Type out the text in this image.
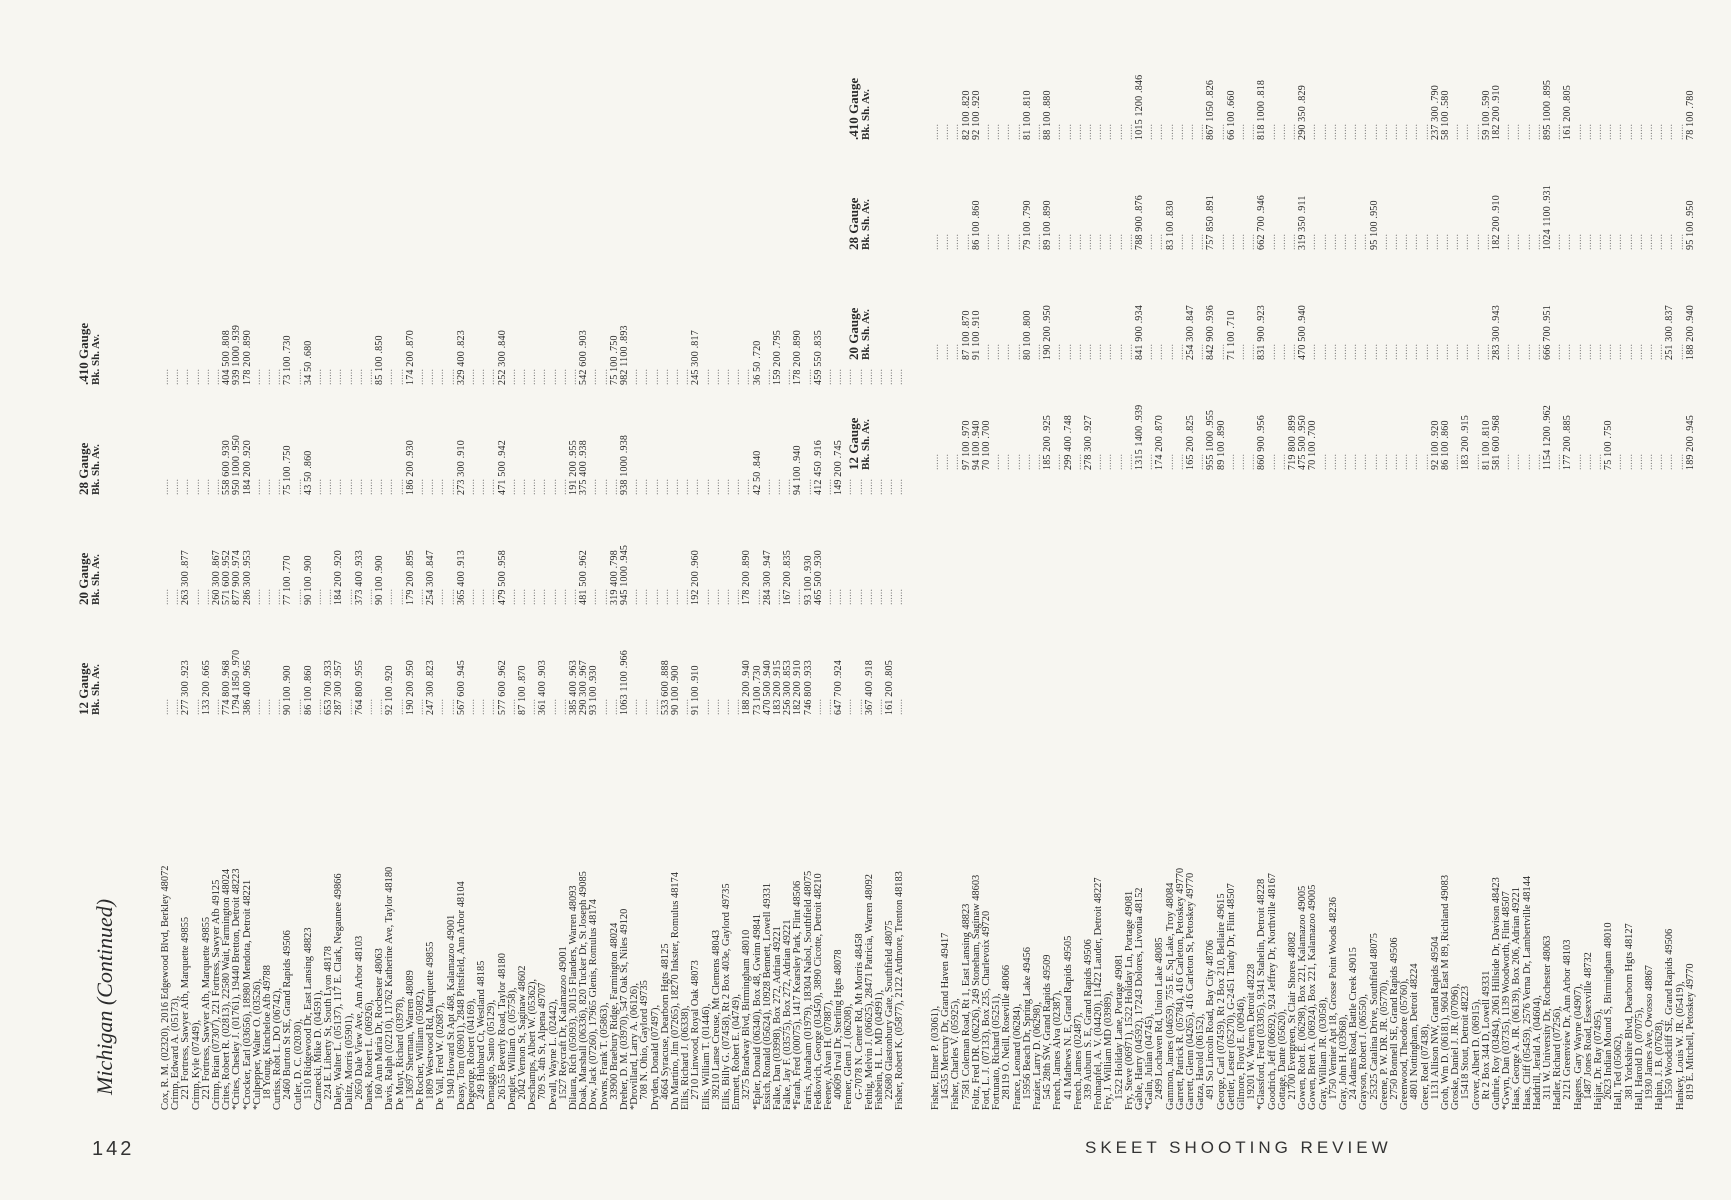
Michigan (Continued)
142	SKEET SHOOTING REVIEW
12 Gauge Bk. Sh. Av.
20 Gauge Bk. Sh. Av.
28 Gauge Bk. Sh. Av.
.410 Gauge Bk. Sh. Av.
Cox, R. M. (02320), 2016 Edgewood Blvd, Berkley 48072
......
......
......
......
Crimp, Edward A. (05173),
......
......
......
......
221 Fortress, Sawyer Afb, Marquette 49855
277 300 .923
263 300 .877
......
......
Crimp, Kyle (07449),
......
......
......
......
221 Fortress, Sawyer Afb, Marquette 49855
133 200 .665
......
......
......
Crimp, Brian (07307), 221 Fortress, Sawyer Afb 49125
......
260 300 .867
......
......
Crites, Robert R. (02813), 22580 Wait, Farmington 48024
774 800 .968
571 600 .952
558 600 .930
404 500 .808
*Crites, Chesley J. (01761), 19440 Bretton, Detroit 48223
1794 1850 .970
877 900 .974
950 1000 .950
939 1000 .939
*Crocker, Earl (03656), 18980 Mendota, Detroit 48221
386 400 .965
286 300 .953
184 200 .920
178 200 .890
*Culpepper, Walter O. (03526),
......
......
......
......
18 Young, Kincheloe Afb 49788
......
......
......
......
Curtiss, Robt L. DO (06742),
......
......
......
......
2460 Burton St SE, Grand Rapids 49506
90 100 .900
77 100 .770
75 100 .750
73 100 .730
Cutler, D. C. (02030),
......
......
......
......
1510 Ridgewood Dr, East Lansing 48823
86 100 .860
90 100 .900
43 50 .860
34 50 .680
Czarnecki, Mike D. (04591),
......
......
......
......
224 E. Liberty St, South Lyon 48178
653 700 .933
......
......
......
Daley, Walter L. (05137), 117 E. Clark, Negaunee 49866
287 300 .957
184 200 .920
......
......
Dalitz, Morris (05901),
......
......
......
......
2650 Dale View Ave, Ann Arbor 48103
764 800 .955
373 400 .933
......
......
Danek, Robert L. (06926),
......
......
......
......
160 Ann Maria Dr, Rochester 48063
......
90 100 .900
......
85 100 .850
Davis, Ralph (02210), 11762 Katherine Ave, Taylor 48180
92 100 .920
......
......
......
De Muyt, Richard (03978),
......
......
......
......
13697 Sherman, Warren 48089
190 200 .950
179 200 .895
186 200 .930
174 200 .870
De Rocher, William (05082),
......
......
......
......
1809 Westwood Rd, Marquette 49855
247 300 .823
254 300 .847
......
......
De Vall, Fred W. (02687),
......
......
......
......
1940 Howard St Apt 468, Kalamazoo 49001
......
......
......
......
Deasy, Tom (06901), 2848 Pittsfield, Ann Arbor 48104
567 600 .945
365 400 .913
273 300 .910
329 400 .823
Degeorge, Robert (04169),
......
......
......
......
249 Hubbard Ct, Westland 48185
......
......
......
......
Demaggio, Santo (05129),
......
......
......
......
26155 Beverly Road, Taylor 48180
577 600 .962
479 500 .958
471 500 .942
252 300 .840
Dengler, William O. (05758),
......
......
......
......
2042 Vernon St, Saginaw 48602
87 100 .870
......
......
......
Deschamps, Albert W. (05362),
......
......
......
......
709 S. 4th St, Alpena 49707
361 400 .903
......
......
......
Devall, Wayne L. (02442),
......
......
......
......
1527 Reycraft Dr, Kalamazoo 49001
......
......
......
......
Dilaura, Rich (05093), 30115 Flanders, Warren 48093
385 400 .963
......
191 200 .955
......
Doak, Marshall (06336), 820 Tucker Dr, St Joseph 49085
290 300 .967
481 500 .962
375 400 .938
542 600 .903
Dow, Jack (07260), 17965 Glenis, Romulus 48174
93 100 .930
......
......
......
Downs, Frank T. (05863),
......
......
......
......
33900 Braebury Ridge, Farmington 48024
......
319 400 .798
......
75 100 .750
Dreher, D. M. (03970), 547 Oak St, Niles 49120
1063 1100 .966
945 1000 .945
938 1000 .938
982 1100 .893
*Drovillard, Larry A. (06126),
......
......
......
......
708 N. Ohio, Gaylord 49735
......
......
......
......
Dryden, Donald (07497),
......
......
......
......
4664 Syracuse, Dearborn Hgts 48125
533 600 .888
......
......
......
Du Martino, Jim (07265), 18270 Inkster, Romulus 48174
90 100 .900
......
......
......
Ellis, Richard J. (06338),
......
......
......
......
2710 Linwood, Royal Oak 48073
91 100 .910
192 200 .960
......
245 300 .817
Ellis, William T. (01446),
......
......
......
......
39210 Lanse Creuse, Mt Clemens 48043
......
......
......
......
Ellis, Billy G. (07458), Rt 2 Box 403e, Gaylord 49735
......
......
......
......
Emmett, Robert E. (04749),
......
......
......
......
3275 Bradway Blvd, Birmingham 48010
188 200 .940
178 200 .890
......
......
*Epler, Donald (06340), Box 48, Gwinn 49841
73 100 .730
......
42 50 .840
36 50 .720
Essich, Ronald (05624), 10928 Bennett, Lowell 49331
470 500 .940
284 300 .947
......
......
Falke, Dan (03998), Box 272, Adrian 49221
183 200 .915
......
......
159 200 .795
Falke, Jay F. (03575), Box 272, Adrian 49221
256 300 .853
167 200 .835
......
......
*Farah, Fred (00075), 1417 Kearsley Park, Flint 48506
182 200 .910
......
94 100 .940
178 200 .890
Farris, Abraham (01979), 18304 Nabol, Southfield 48075
746 800 .933
93 100 .930
......
......
Fedkovich, George (03450), 3890 Cicotte, Detroit 48210
......
465 500 .930
412 450 .916
459 550 .835
Feeney, Alvan H. (07887),
......
......
......
......
40609 Irval Dr, Sterling Hgts 48078
647 700 .924
......
149 200 .745
......
Fenner, Glenn J. (06208),
......
......
......
......
G-7078 N. Center Rd, Mt Morris 48458
......
......
......
......
Fethig, Melvin J. (06625), 28471 Patricia, Warren 48092
367 400 .918
......
......
......
Fishbein, H. L. MD (04991),
......
......
......
......
22680 Glastonbury Gate, Southfield 48075
161 200 .805
......
......
......
Fisher, Robert K. (05877), 2122 Ardmore, Trenton 48183
......
......
......
......
12 Gauge Bk. Sh. Av.
20 Gauge Bk. Sh. Av.
28 Gauge Bk. Sh. Av.
.410 Gauge Bk. Sh. Av.
Fisher, Elmer P. (03061),
......
......
......
......
14535 Mercury Dr, Grand Haven 49417
......
......
......
......
Fisher, Charles V. (05925),
......
......
......
......
7581 Coleman Road, Rt 1, East Lansing 48823
97 100 .970
87 100 .870
......
82 100 .820
Foltz, Fred DR. (06226), 249 Stoneham, Saginaw 48603
94 100 .940
91 100 .910
86 100 .860
92 100 .920
Ford, L. J. (07133), Box 235, Charlevoix 49720
70 100 .700
......
......
......
Fortunato, Richard (05251),
......
......
......
......
28119 O. Neill, Roseville 48066
......
......
......
......
France, Leonard (06284),
......
......
......
......
15956 Beach Dr, Spring Lake 49456
......
80 100 .800
79 100 .790
81 100 .810
Frazier, Larry D. (06298),
......
......
......
......
545 28th SW, Grand Rapids 49509
185 200 .925
190 200 .950
89 100 .890
88 100 .880
French, James Alva (02387),
......
......
......
......
41 Mathews N. E, Grand Rapids 49505
299 400 .748
......
......
......
French, James (02487),
......
......
......
......
339 Auburn S. E, Grand Rapids 49506
278 300 .927
......
......
......
Frohnapfel, A. V. (04420), 11422 Lauder, Detroit 48227
......
......
......
......
Fry, J. William MD (03989),
......
......
......
......
1522 Holiday Lane, Portage 49081
......
......
......
......
Fry, Steve (06971), 1522 Holiday Ln, Portage 49081
......
......
......
......
Gable, Harry (04592), 17243 Dolores, Livonia 48152
1315 1400 .939
841 900 .934
788 900 .876
1015 1200 .846
*Galin, Julian (04745),
......
......
......
......
2499 Lochaven Rd, Union Lake 48085
174 200 .870
......
......
......
Gammon, James (04659), 755 E. Sq Lake, Troy 48084
......
......
83 100 .830
......
Garrett, Patrick R. (05784), 416 Carleton, Petoskey 49770
......
......
......
......
Garrett, Glenn (04265), 416 Carleton St, Petoskey 49770
165 200 .825
254 300 .847
......
......
Gatza, Harold (06152),
......
......
......
......
491 So Lincoln Road, Bay City 48706
955 1000 .955
842 900 .936
757 850 .891
867 1050 .826
George, Carl (07459), Rt 2 Box 210, Bellaire 49615
89 100 .890
......
......
......
Gettler, Lester (05270), G-2451 Tandy Dr, Flint 48507
......
71 100 .710
......
66 100 .660
Gilmore, Floyd E. (00946),
......
......
......
......
19201 W. Warren, Detroit 48228
......
......
......
......
*Glassford, Fred (03305), 9341 Stahelin, Detroit 48228
860 900 .956
831 900 .923
662 700 .946
818 1000 .818
Goodrich, Jeff (06692), 924 Jeffrey Dr, Northville 48167
......
......
......
......
Gottage, Dante (05620),
......
......
......
......
21700 Evergreen, St Clair Shores 48082
719 800 .899
......
......
......
Gowen, Robt E. (06298), Box 221, Kalamazoo 49005
475 500 .950
470 500 .940
319 350 .911
290 350 .829
Gowen, Brett A. (06924), Box 221, Kalamazoo 49005
70 100 .700
......
......
......
Gray, William JR. (03058),
......
......
......
......
1750 Vernier Apt 18, Grosse Point Woods 48236
......
......
......
......
Gray, John H. (03968),
......
......
......
......
24 Adams Road, Battle Creek 49015
......
......
......
......
Grayson, Robert J. (06550),
......
......
......
......
25325 Catalina Drive, Southfield 48075
......
......
95 100 .950
......
Greene, P. W. DR. JR. (05770),
......
......
......
......
2750 Bonnell SE, Grand Rapids 49506
......
......
......
......
Greenwood, Theodore (05760),
......
......
......
......
4801 Nottingham, Detroit 48224
......
......
......
......
Greer, Roel (07438),
......
......
......
......
1131 Allison NW, Grand Rapids 49504
92 100 .920
......
......
237 300 .790
Groh, Wm D. (06181), 9604 East M 89, Richland 49083
86 100 .860
......
......
58 100 .580
Groske, Daniel J. JR. (07096),
......
......
......
......
15418 Stout, Detroit 48223
183 200 .915
......
......
......
Grover, Albert D. (06915),
......
......
......
......
Rt 2 Box 344 D, Lowell 49331
81 100 .810
......
......
59 100 .590
Guthrie, Roy (03494), 2061 Hillside Dr, Davison 48423
581 600 .968
283 300 .943
182 200 .910
182 200 .910
*Gwyn, Dan (03735), 1139 Woodworth, Flint 48507
......
......
......
......
Haas, George A. JR. (06139), Box 206, Adrian 49221
......
......
......
......
Haas, Cliff (05459), 2576 Verna Dr, Lambertville 48144
......
......
......
......
Haddrill, Jerald A. (04604),
......
......
......
......
311 W. University Dr, Rochester 48063
1154 1200 .962
666 700 .951
1024 1100 .931
895 1000 .895
Hadler, Richard (07256),
......
......
......
......
2121 Greenview Dr, Ann Arbor 48103
177 200 .885
......
......
161 200 .805
Hagens, Gary Wayne (04907),
......
......
......
......
1487 Jones Road, Essexville 48732
......
......
......
......
Hajjar, Dr. Ray (07495),
......
......
......
......
2623 Indian Mound S, Birmingham 48010
75 100 .750
......
......
......
Hall, Ted (05062),
......
......
......
......
381 Yorkshire Blvd, Dearborn Hgts 48127
......
......
......
......
Hall, Harold D. (07075),
......
......
......
......
1930 James Ave, Owosso 48867
......
......
......
......
Halpin, J. B. (07628),
......
......
......
......
1550 Woodcliff SE, Grand Rapids 49506
......
251 300 .837
......
......
Hankey, Louis W. JR. (05419),
......
......
......
......
819 E. Mitchell, Petoskey 49770
189 200 .945
188 200 .940
95 100 .950
78 100 .780
